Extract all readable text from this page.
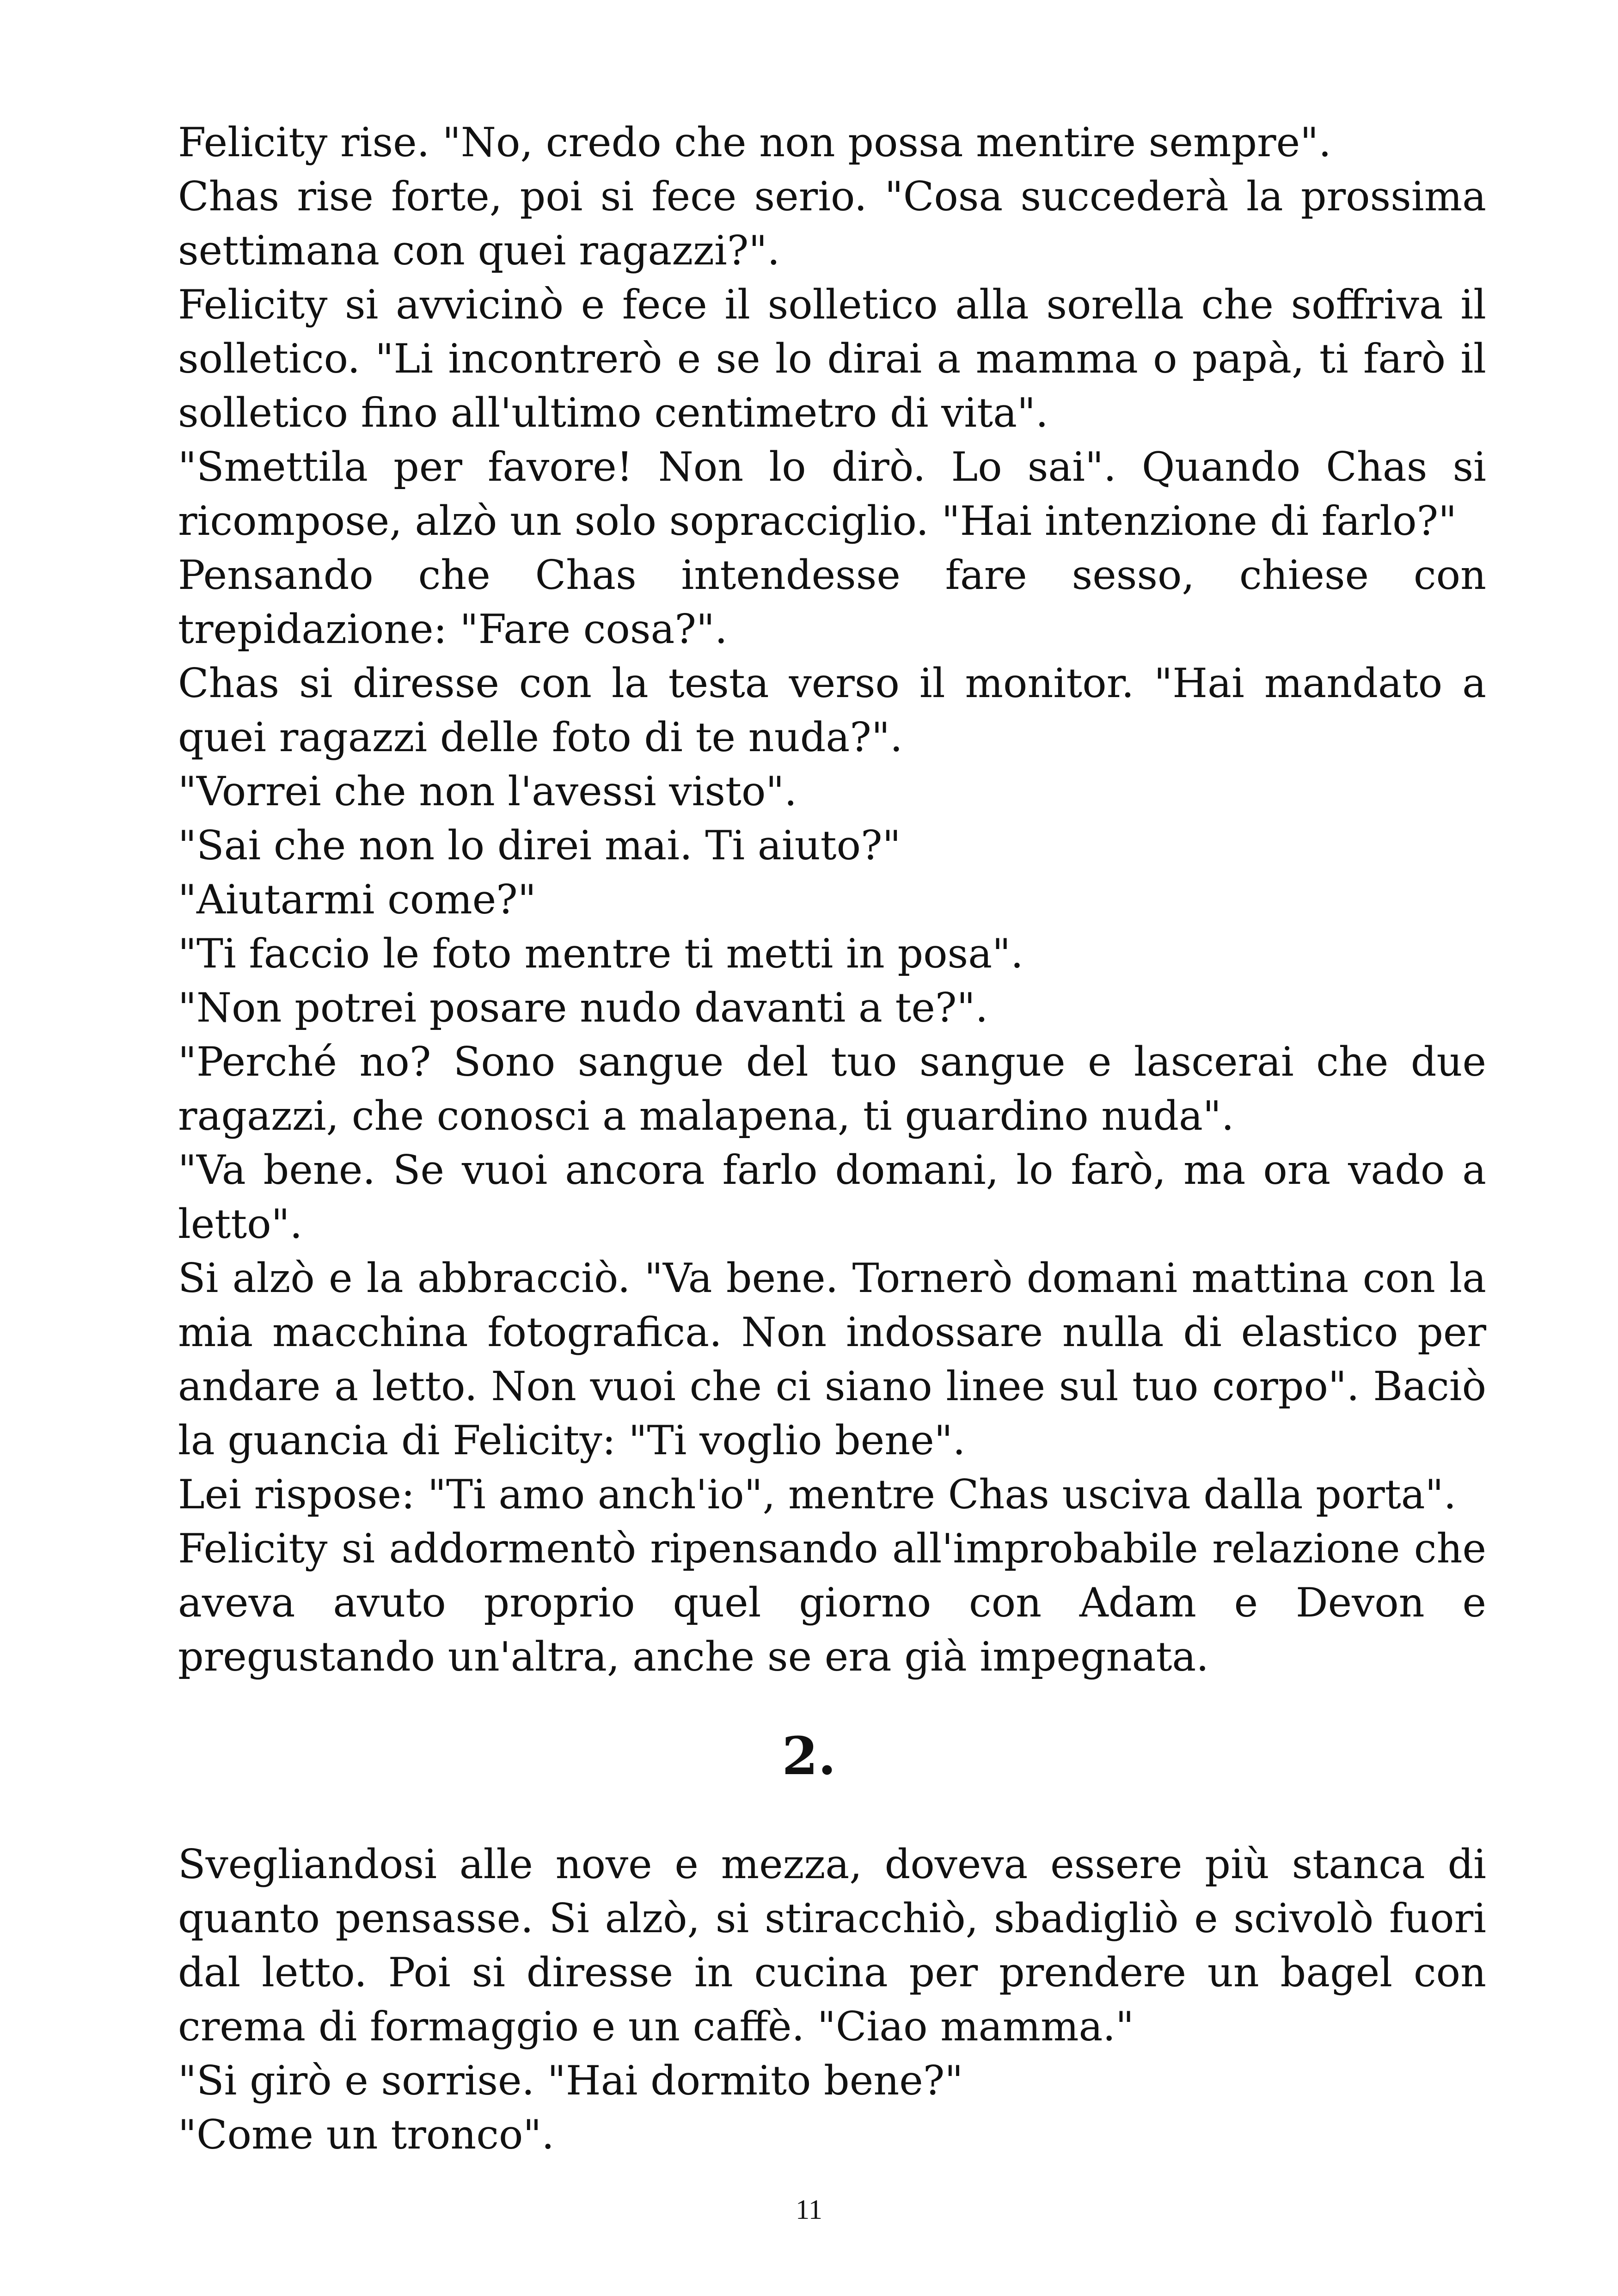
Felicity rise. "No, credo che non possa mentire sempre".

Chas rise forte, poi si fece serio. "Cosa succederà la prossima settimana con quei ragazzi?".

Felicity si avvicinò e fece il solletico alla sorella che soffriva il solletico. "Li incontrerò e se lo dirai a mamma o papà, ti farò il solletico fino all'ultimo centimetro di vita".

"Smettila per favore! Non lo dirò. Lo sai". Quando Chas si ricompose, alzò un solo sopracciglio. "Hai intenzione di farlo?"

Pensando che Chas intendesse fare sesso, chiese con trepidazione: "Fare cosa?".

Chas si diresse con la testa verso il monitor. "Hai mandato a quei ragazzi delle foto di te nuda?".

"Vorrei che non l'avessi visto".

"Sai che non lo direi mai. Ti aiuto?"

"Aiutarmi come?"

"Ti faccio le foto mentre ti metti in posa".

"Non potrei posare nudo davanti a te?".

"Perché no? Sono sangue del tuo sangue e lascerai che due ragazzi, che conosci a malapena, ti guardino nuda".

"Va bene. Se vuoi ancora farlo domani, lo farò, ma ora vado a letto".

Si alzò e la abbracciò. "Va bene. Tornerò domani mattina con la mia macchina fotografica. Non indossare nulla di elastico per andare a letto. Non vuoi che ci siano linee sul tuo corpo". Baciò la guancia di Felicity: "Ti voglio bene".

Lei rispose: "Ti amo anch'io", mentre Chas usciva dalla porta".

Felicity si addormentò ripensando all'improbabile relazione che aveva avuto proprio quel giorno con Adam e Devon e pregustando un'altra, anche se era già impegnata.

2.

Svegliandosi alle nove e mezza, doveva essere più stanca di quanto pensasse. Si alzò, si stiracchiò, sbadigliò e scivolò fuori dal letto. Poi si diresse in cucina per prendere un bagel con crema di formaggio e un caffè. "Ciao mamma."

"Si girò e sorrise. "Hai dormito bene?"

"Come un tronco".

11
